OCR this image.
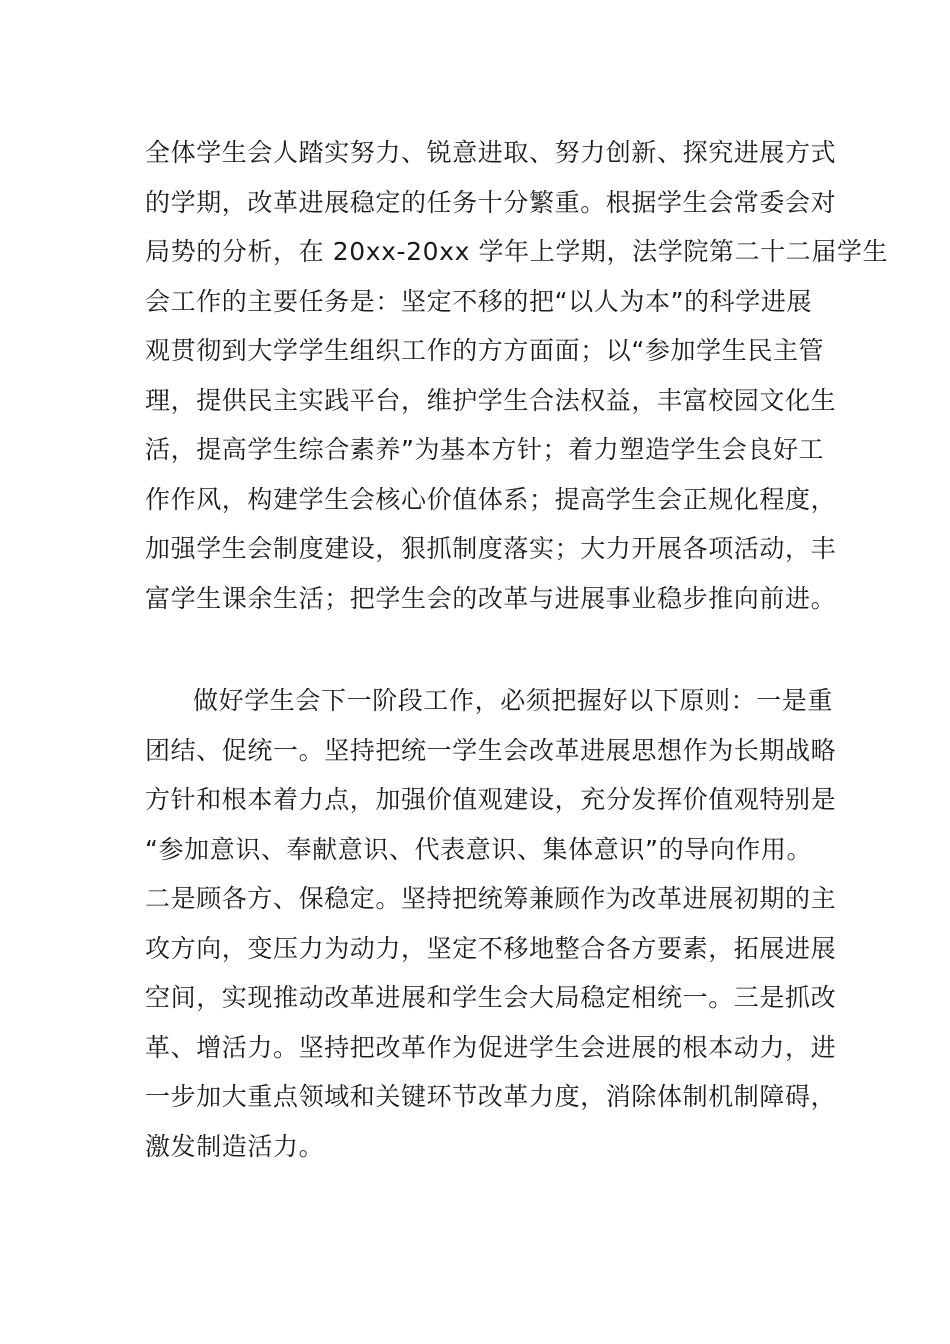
全体学生会人踏实努力、锐意进取、努力创新、探究进展方式
的学期，改革进展稳定的任务十分繁重。根据学生会常委会对
局势的分析，在 20xx-20xx 学年上学期，法学院第二十二届学生
会工作的主要任务是：坚定不移的把“以人为本”的科学进展
观贯彻到大学学生组织工作的方方面面；以“参加学生民主管
理，提供民主实践平台，维护学生合法权益，丰富校园文化生
活，提高学生综合素养”为基本方针；着力塑造学生会良好工
作作风，构建学生会核心价值体系；提高学生会正规化程度，
加强学生会制度建设，狠抓制度落实；大力开展各项活动，丰
富学生课余生活；把学生会的改革与进展事业稳步推向前进。

做好学生会下一阶段工作，必须把握好以下原则：一是重
团结、促统一。坚持把统一学生会改革进展思想作为长期战略
方针和根本着力点，加强价值观建设，充分发挥价值观特别是
“参加意识、奉献意识、代表意识、集体意识”的导向作用。
二是顾各方、保稳定。坚持把统筹兼顾作为改革进展初期的主
攻方向，变压力为动力，坚定不移地整合各方要素，拓展进展
空间，实现推动改革进展和学生会大局稳定相统一。三是抓改
革、增活力。坚持把改革作为促进学生会进展的根本动力，进
一步加大重点领域和关键环节改革力度，消除体制机制障碍，
激发制造活力。
